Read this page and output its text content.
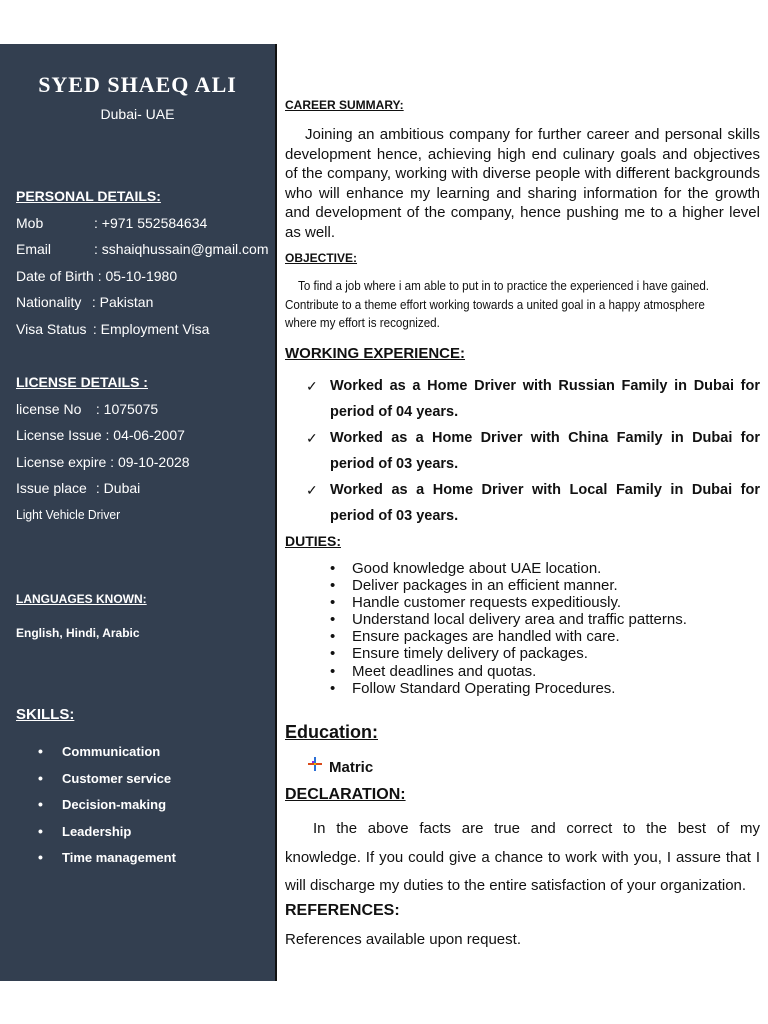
SYED SHAEQ ALI
Dubai- UAE
PERSONAL DETAILS:
Mob	: +971 552584634
Email	: sshaiqhussain@gmail.com
Date of Birth : 05-10-1980
Nationality : Pakistan
Visa Status : Employment Visa
LICENSE DETAILS :
license No : 1075075
License Issue : 04-06-2007
License expire : 09-10-2028
Issue place : Dubai
Light Vehicle Driver
LANGUAGES KNOWN:
English, Hindi, Arabic
SKILLS:
• Communication
• Customer service
• Decision-making
• Leadership
• Time management
CAREER SUMMARY:
Joining an ambitious company for further career and personal skills development hence, achieving high end culinary goals and objectives of the company, working with diverse people with different backgrounds who will enhance my learning and sharing information for the growth and development of the company, hence pushing me to a higher level as well.
OBJECTIVE:
To find a job where i am able to put in to practice the experienced i have gained. Contribute to a theme effort working towards a united goal in a happy atmosphere where my effort is recognized.
WORKING EXPERIENCE:
✓ Worked as a Home Driver with Russian Family in Dubai for period of 04 years.
✓ Worked as a Home Driver with China Family in Dubai for period of 03 years.
✓ Worked as a Home Driver with Local Family in Dubai for period of 03 years.
DUTIES:
• Good knowledge about UAE location.
• Deliver packages in an efficient manner.
• Handle customer requests expeditiously.
• Understand local delivery area and traffic patterns.
• Ensure packages are handled with care.
• Ensure timely delivery of packages.
• Meet deadlines and quotas.
• Follow Standard Operating Procedures.
Education:
Matric
DECLARATION:
In the above facts are true and correct to the best of my knowledge. If you could give a chance to work with you, I assure that I will discharge my duties to the entire satisfaction of your organization.
REFERENCES:
References available upon request.
